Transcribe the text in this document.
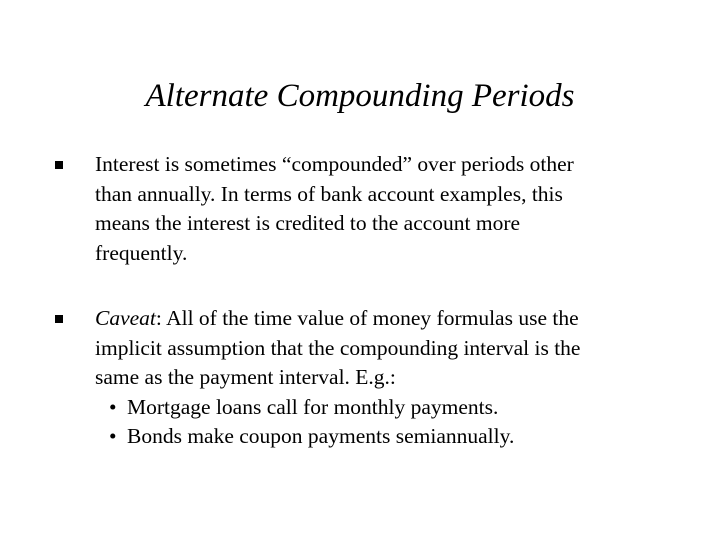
Alternate Compounding Periods
Interest is sometimes “compounded” over periods other
than annually. In terms of bank account examples, this
means the interest is credited to the account more
frequently.
Caveat: All of the time value of money formulas use the
implicit assumption that the compounding interval is the
same as the payment interval. E.g.:
• Mortgage loans call for monthly payments.
• Bonds make coupon payments semiannually.
